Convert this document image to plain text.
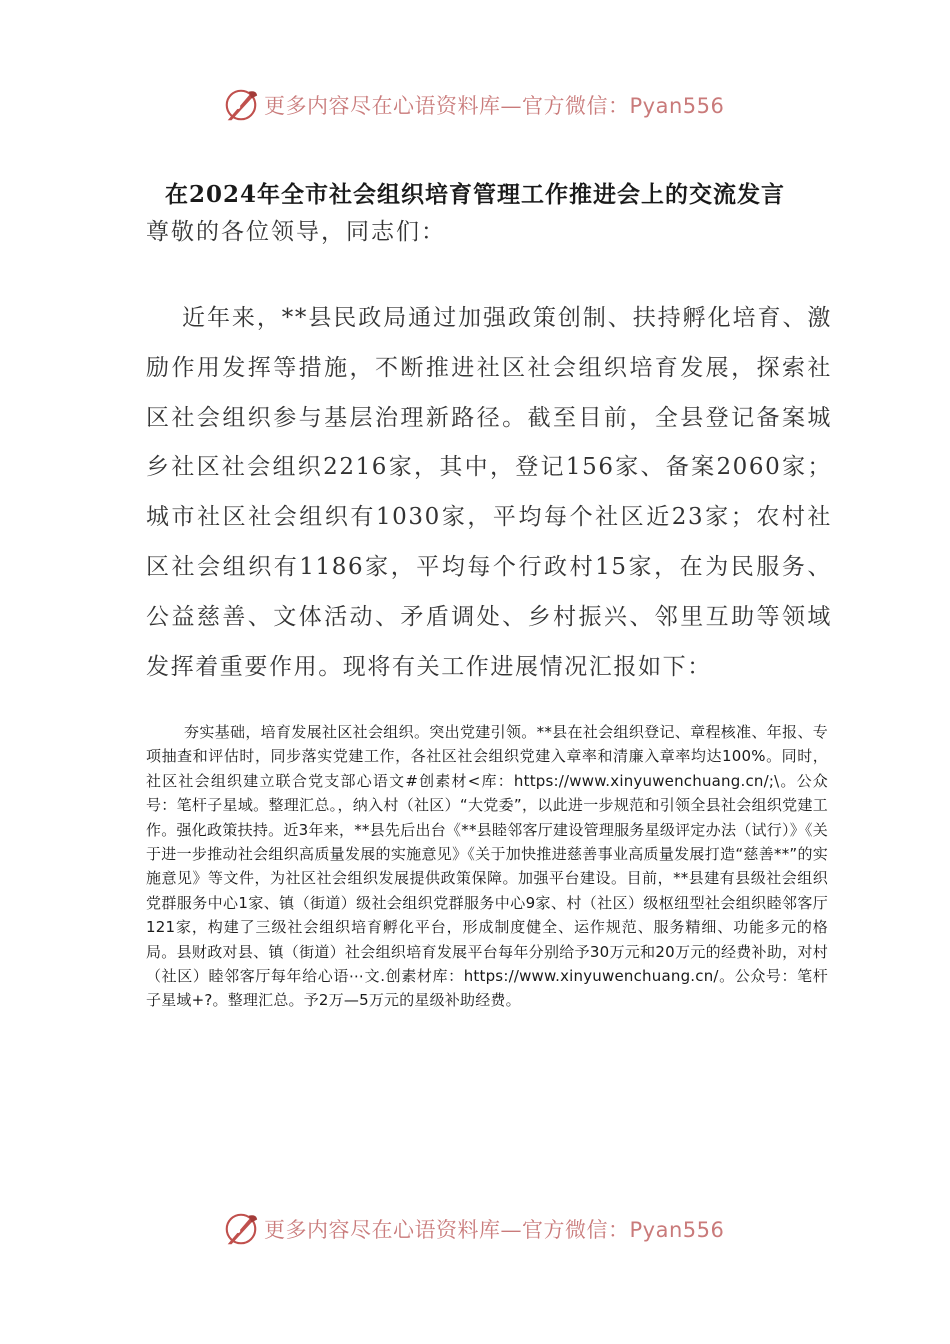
更多内容尽在心语资料库—官方微信：Pyan556
在2024年全市社会组织培育管理工作推进会上的交流发言
尊敬的各位领导，同志们：

近年来，**县民政局通过加强政策创制、扶持孵化培育、激励作用发挥等措施，不断推进社区社会组织培育发展，探索社区社会组织参与基层治理新路径。截至目前，全县登记备案城乡社区社会组织2216家，其中，登记156家、备案2060家；城市社区社会组织有1030家，平均每个社区近23家；农村社区社会组织有1186家，平均每个行政村15家，在为民服务、公益慈善、文体活动、矛盾调处、乡村振兴、邻里互助等领域发挥着重要作用。现将有关工作进展情况汇报如下：

夯实基础，培育发展社区社会组织。突出党建引领。**县在社会组织登记、章程核准、年报、专项抽查和评估时，同步落实党建工作，各社区社会组织党建入章率和清廉入章率均达100%。同时，社区社会组织建立联合党支部心语文#创素材<库：https://www.xinyuwenchuang.cn/;\。公众号：笔杆子星域。整理汇总。，纳入村（社区）“大党委”，以此进一步规范和引领全县社会组织党建工作。强化政策扶持。近3年来，**县先后出台《**县睦邻客厅建设管理服务星级评定办法（试行）》《关于进一步推动社会组织高质量发展的实施意见》《关于加快推进慈善事业高质量发展打造“慈善**”的实施意见》等文件，为社区社会组织发展提供政策保障。加强平台建设。目前，**县建有县级社会组织党群服务中心1家、镇（街道）级社会组织党群服务中心9家、村（社区）级枢纽型社会组织睦邻客厅121家，构建了三级社会组织培育孵化平台，形成制度健全、运作规范、服务精细、功能多元的格局。县财政对县、镇（街道）社会组织培育发展平台每年分别给予30万元和20万元的经费补助，对村（社区）睦邻客厅每年给心语⋯文.创素材库：https://www.xinyuwenchuang.cn/。公众号：笔杆子星域+?。整理汇总。予2万—5万元的星级补助经费。

更多内容尽在心语资料库—官方微信：Pyan556
